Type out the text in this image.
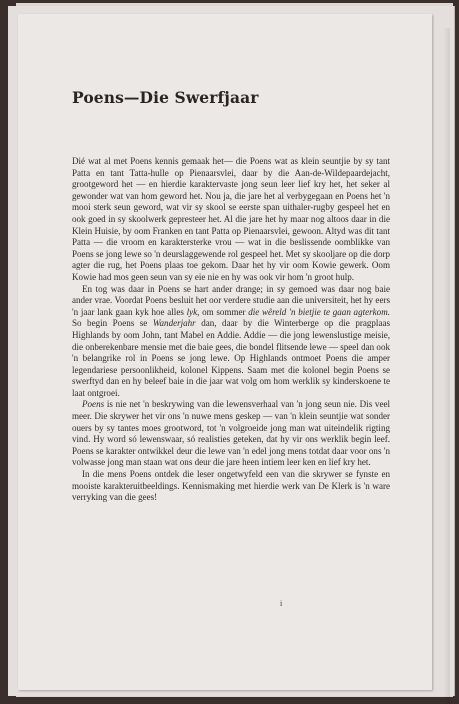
Poens—Die Swerfjaar

Dié wat al met Poens kennis gemaak het— die Poens wat as klein seuntjie by sy tant Patta en tant Tatta-hulle op Pienaarsvlei, daar by die Aan-de-Wildepaardejacht, grootgeword het — en hierdie karaktervaste jong seun leer lief kry het, het seker al gewonder wat van hom geword het. Nou ja, die jare het al verbygegaan en Poens het 'n mooi sterk seun geword, wat vir sy skool se eerste span uithaler-rugby gespeel het en ook goed in sy skoolwerk gepresteer het. Al die jare het hy maar nog altoos daar in die Klein Huisie, by oom Franken en tant Patta op Pienaarsvlei, gewoon. Altyd was dit tant Patta — die vroom en karaktersterke vrou — wat in die beslissende oomblikke van Poens se jong lewe so 'n deurslaggewende rol gespeel het. Met sy skooljare op die dorp agter die rug, het Poens plaas toe gekom. Daar het hy vir oom Kowie gewerk. Oom Kowie had mos geen seun van sy eie nie en hy was ook vir hom 'n groot hulp.

En tog was daar in Poens se hart ander drange; in sy gemoed was daar nog baie ander vrae. Voordat Poens besluit het oor verdere studie aan die universiteit, het hy eers 'n jaar lank gaan kyk hoe alles lyk, om sommer die wêreld 'n bietjie te gaan agterkom. So begin Poens se Wanderjahr dan, daar by die Winterberge op die pragplaas Highlands by oom John, tant Mabel en Addie. Addie — die jong lewenslustige meisie, die onberekenbare mensie met die baie gees, die bondel flitsende lewe — speel dan ook 'n belangrike rol in Poens se jong lewe. Op Highlands ontmoet Poens die amper legendariese persoonlikheid, kolonel Kippens. Saam met die kolonel begin Poens se swerftyd dan en hy beleef baie in die jaar wat volg om hom werklik sy kinderskoene te laat ontgroei.

Poens is nie net 'n beskrywing van die lewensverhaal van 'n jong seun nie. Dis veel meer. Die skrywer het vir ons 'n nuwe mens geskep — van 'n klein seuntjie wat sonder ouers by sy tantes moes grootword, tot 'n volgroeide jong man wat uiteindelik rigting vind. Hy word só lewenswaar, só realisties geteken, dat hy vir ons werklik begin leef. Poens se karakter ontwikkel deur die lewe van 'n edel jong mens totdat daar voor ons 'n volwasse jong man staan wat ons deur die jare heen intiem leer ken en lief kry het.

In die mens Poens ontdek die leser ongetwyfeld een van die skrywer se fynste en mooiste karakteruitbeeldings. Kennismaking met hierdie werk van De Klerk is 'n ware verryking van die gees!

i
